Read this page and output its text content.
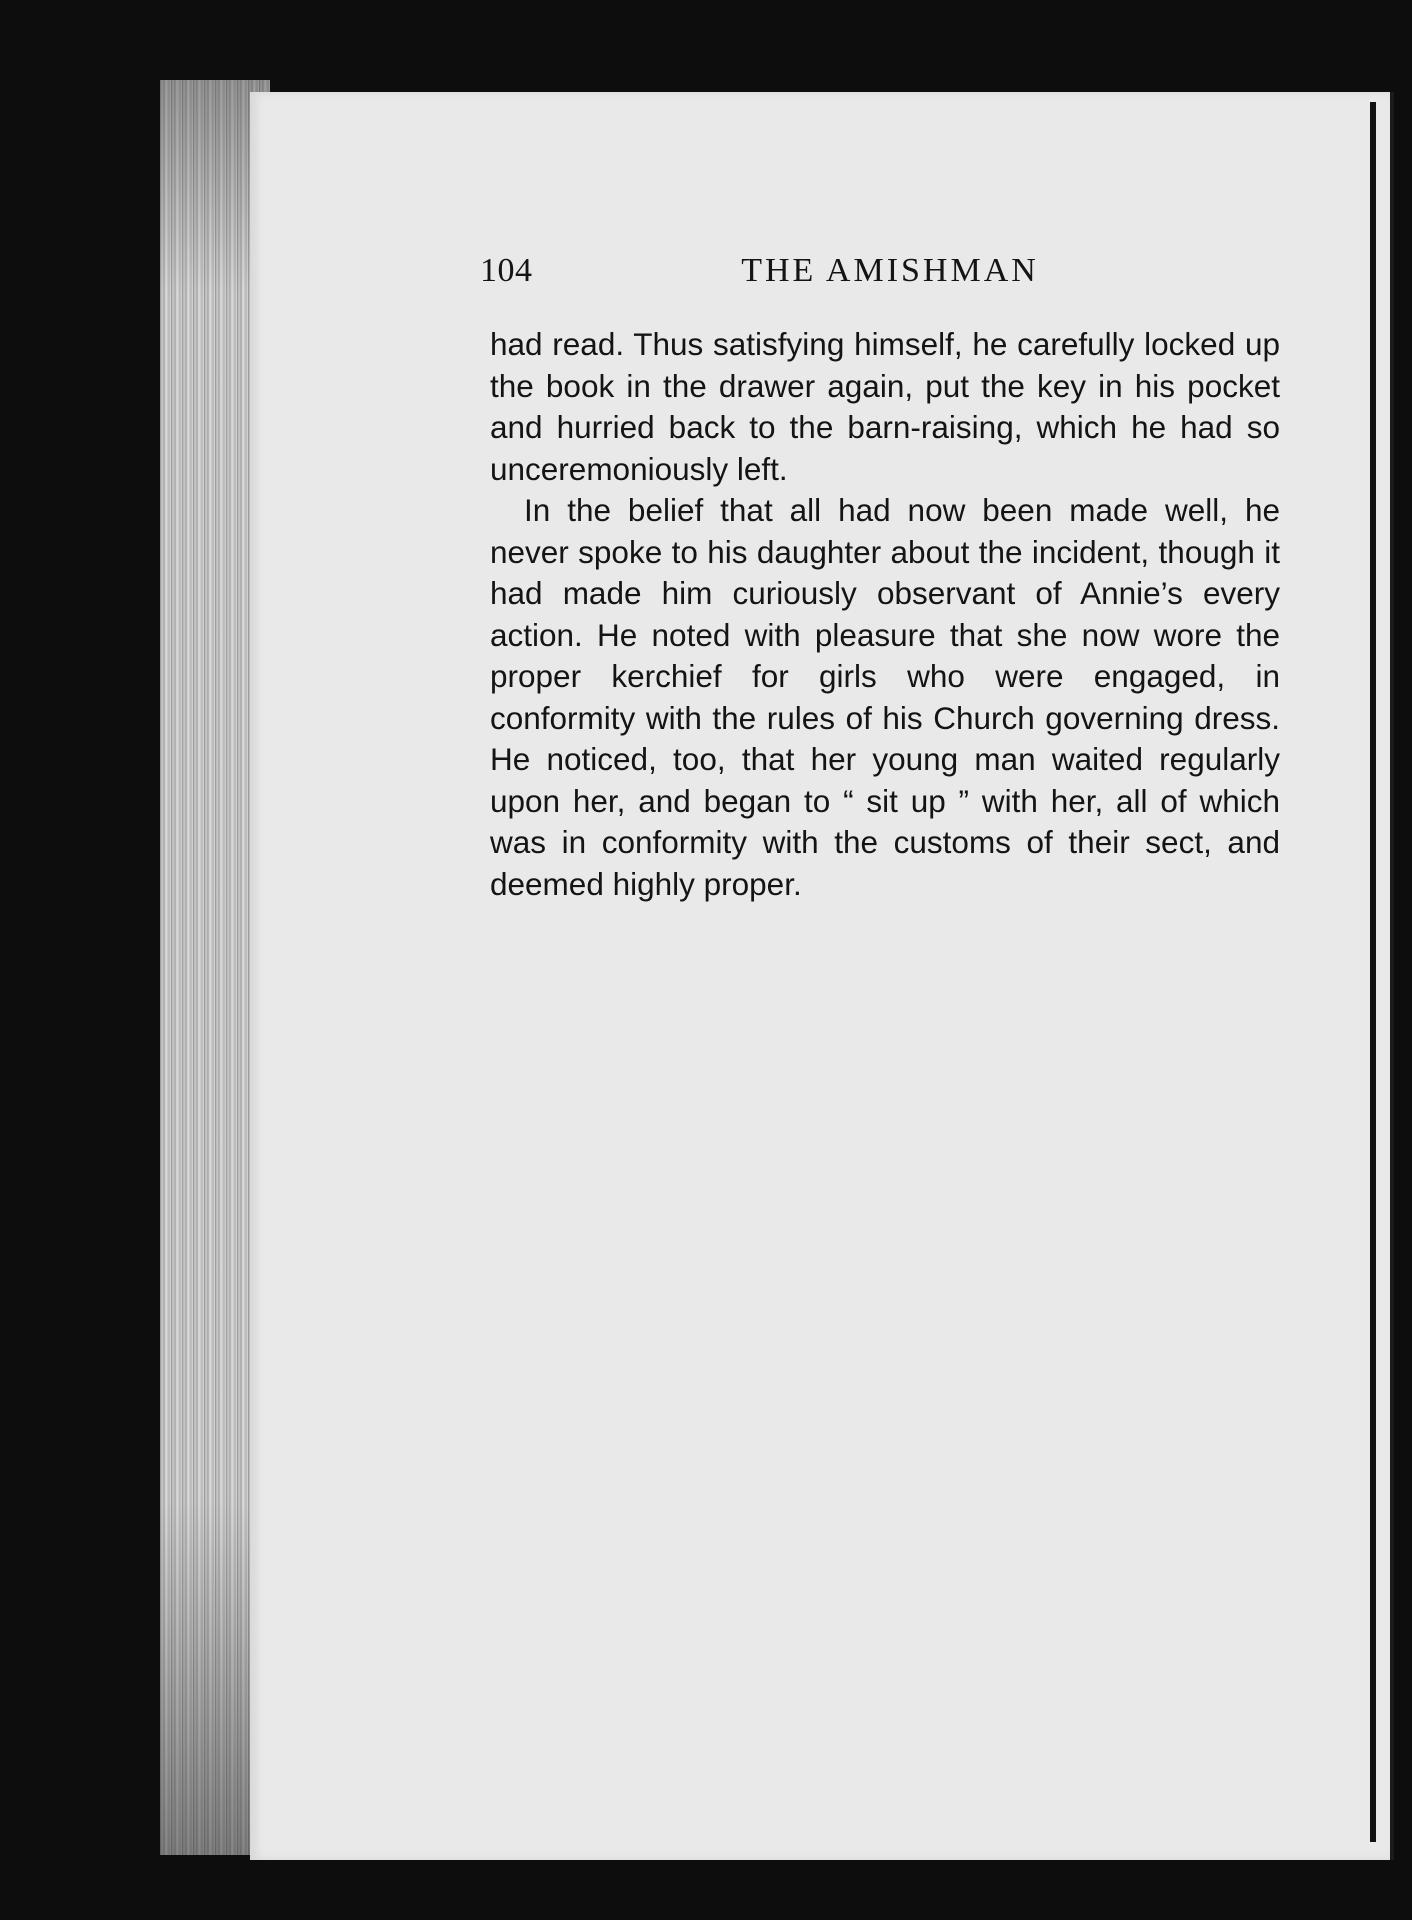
104	THE AMISHMAN

had read. Thus satisfying himself, he carefully locked up the book in the drawer again, put the key in his pocket and hurried back to the barn-raising, which he had so unceremoniously left.

In the belief that all had now been made well, he never spoke to his daughter about the incident, though it had made him curiously observant of Annie’s every action. He noted with pleasure that she now wore the proper kerchief for girls who were engaged, in conformity with the rules of his Church governing dress. He noticed, too, that her young man waited regularly upon her, and began to “ sit up ” with her, all of which was in conformity with the customs of their sect, and deemed highly proper.
